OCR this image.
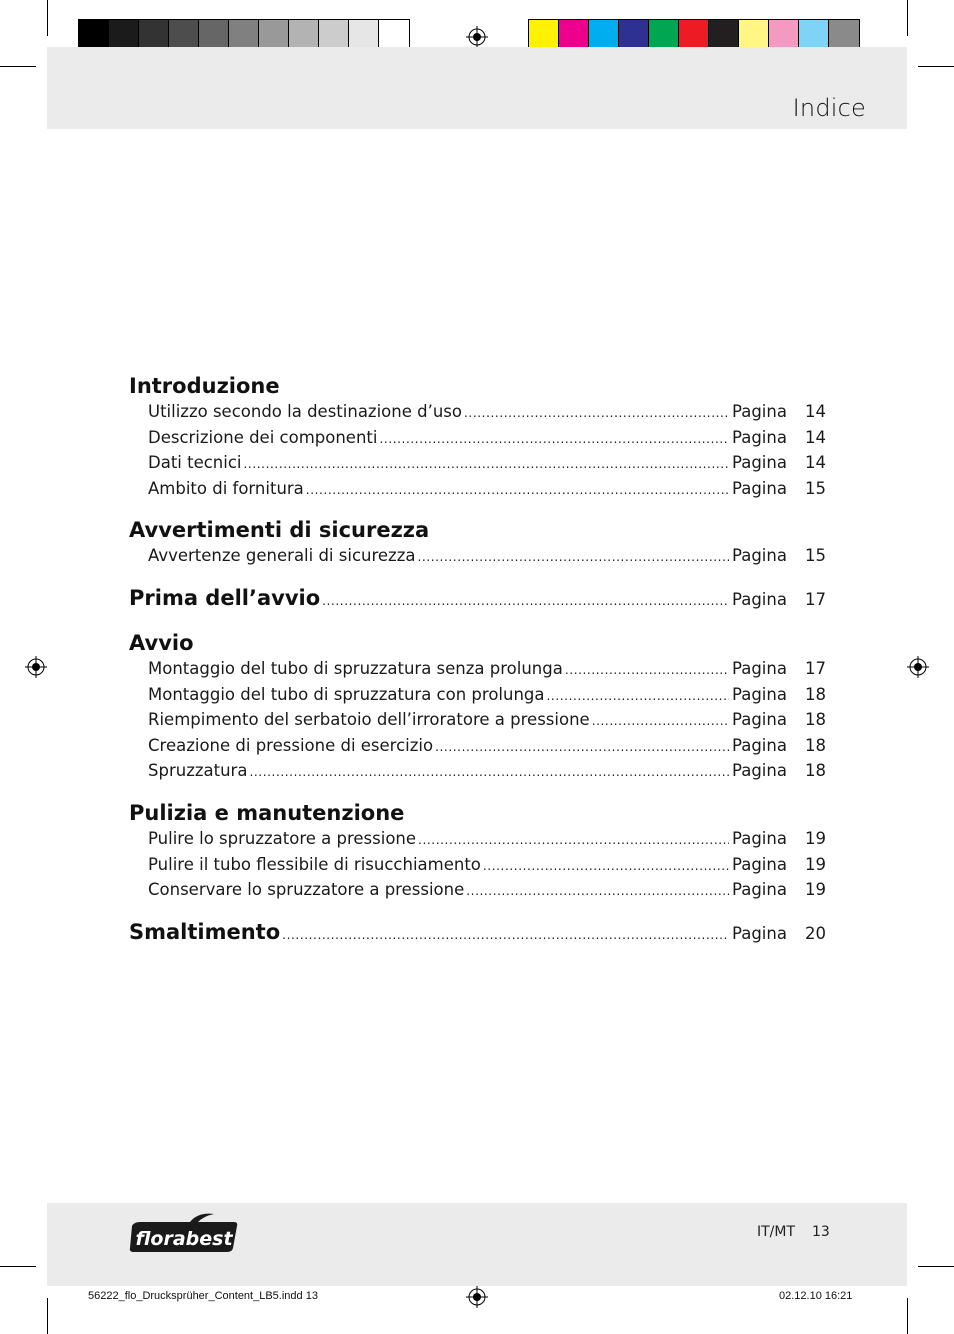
Indice
Introduzione
Utilizzo secondo la destinazione d’uso .....	Pagina	14
Descrizione dei componenti .....	Pagina	14
Dati tecnici .....	Pagina	14
Ambito di fornitura .....	Pagina	15
Avvertimenti di sicurezza
Avvertenze generali di sicurezza .....	Pagina	15
Prima dell’avvio .....	Pagina	17
Avvio
Montaggio del tubo di spruzzatura senza prolunga .....	Pagina	17
Montaggio del tubo di spruzzatura con prolunga .....	Pagina	18
Riempimento del serbatoio dell’irroratore a pressione .....	Pagina	18
Creazione di pressione di esercizio .....	Pagina	18
Spruzzatura .....	Pagina	18
Pulizia e manutenzione
Pulire lo spruzzatore a pressione .....	Pagina	19
Pulire il tubo flessibile di risucchiamento .....	Pagina	19
Conservare lo spruzzatore a pressione .....	Pagina	19
Smaltimento .....	Pagina	20
florabest	IT/MT 13
56222_flo_Drucksprüher_Content_LB5.indd 13	02.12.10 16:21
